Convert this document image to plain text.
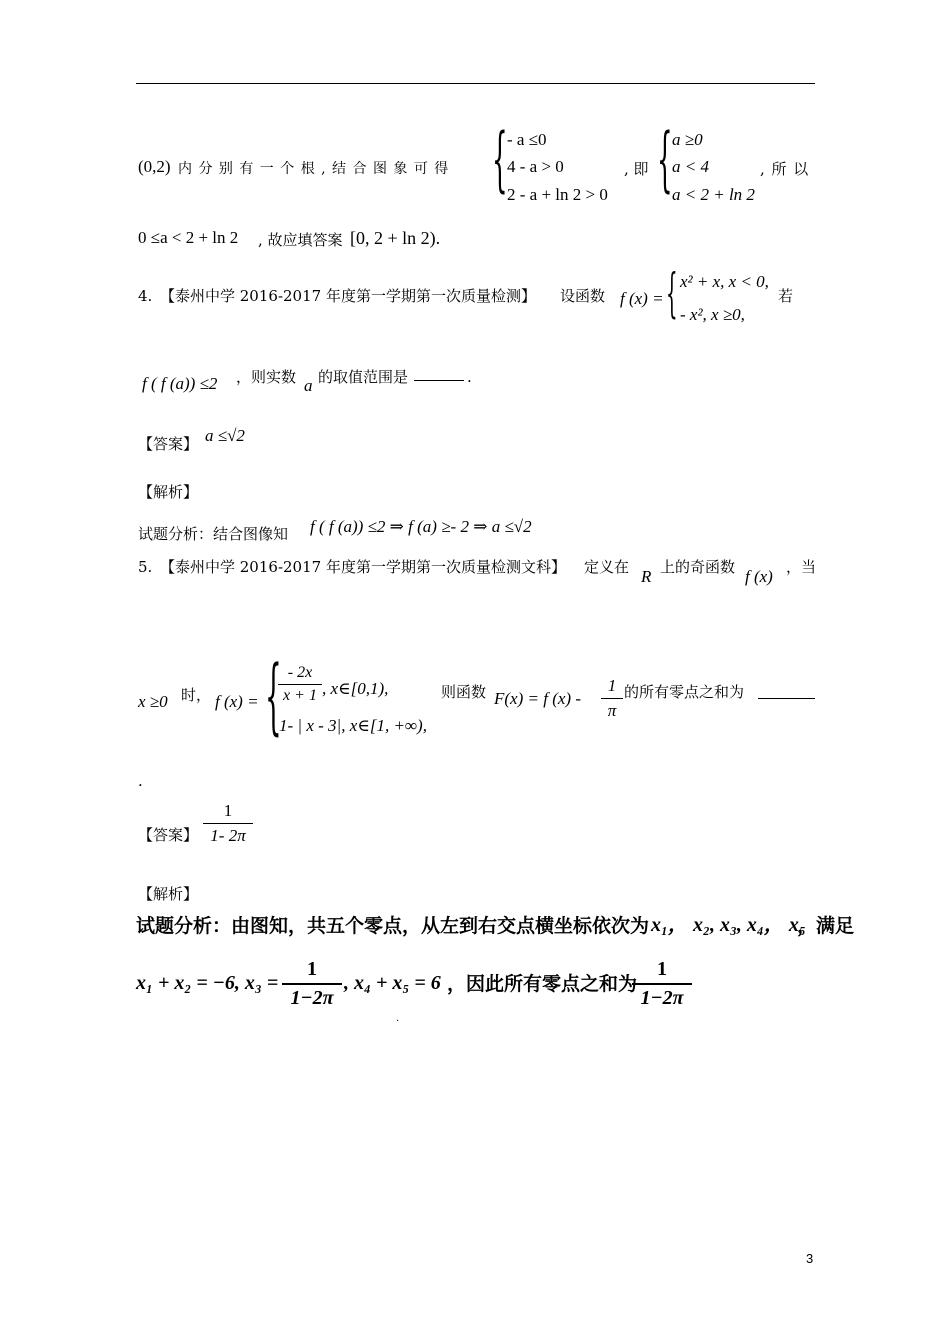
(0,2) 内 分 别 有 一 个 根 , 结 合 图 象 可 得 { - a ≤0
4 - a > 0
2 - a + ln 2 > 0
, 即 { a ≥0
a < 4
a < 2 + ln 2
, 所 以
0 ≤a < 2 + ln 2 , 故应填答案 [0, 2 + ln 2).
4. 【泰州中学 2016-2017 年度第一学期第一次质量检测】 设函数 f (x) = { x² + x, x < 0,
- x², x ≥0,
若
f ( f (a)) ≤2 ，则实数 a 的取值范围是	.
【答案】 a ≤√2
【解析】
试题分析：结合图像知 f ( f (a)) ≤2 ⇒ f (a) ≥- 2 ⇒ a ≤√2
5. 【泰州中学 2016-2017 年度第一学期第一次质量检测文科】 定义在 R 上的奇函数 f (x) ，当
x ≥0 时， f (x) = { - 2x
x + 1 , x∈[0,1),
1- | x - 3|, x∈[1, +∞),
则函数 F(x) = f (x) -
1
π
的所有零点之和为
.
【答案】
1
1- 2π
【解析】
试题分析：由图知，共五个零点，从左到右交点横坐标依次为 x₁， x₂, x₃, x₄， x₅
，满足
x₁ + x₂ = −6, x₃ =
1
1−2π
, x₄ + x₅ = 6 ，因此所有零点之和为
1
1−2π
.
3
